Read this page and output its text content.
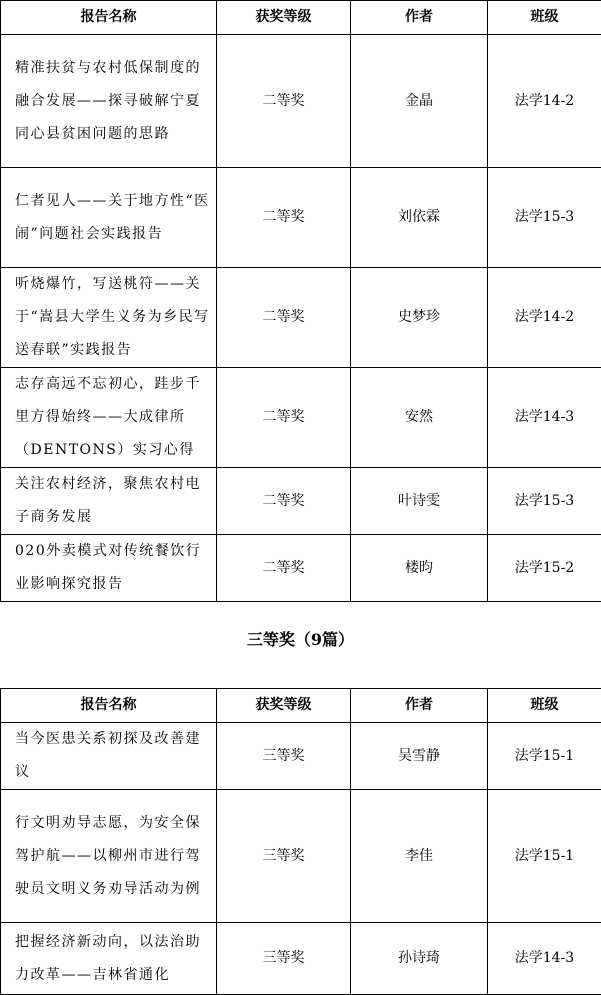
报告名称	获奖等级	作者	班级
精准扶贫与农村低保制度的融合发展——探寻破解宁夏同心县贫困问题的思路	二等奖	金晶	法学14-2
仁者见人——关于地方性“医闹”问题社会实践报告	二等奖	刘依霖	法学15-3
听烧爆竹，写送桃符——关于“嵩县大学生义务为乡民写送春联”实践报告	二等奖	史梦珍	法学14-2
志存高远不忘初心，跬步千里方得始终——大成律所（DENTONS）实习心得	二等奖	安然	法学14-3
关注农村经济，聚焦农村电子商务发展	二等奖	叶诗雯	法学15-3
020外卖模式对传统餐饮行业影响探究报告	二等奖	楼昀	法学15-2
三等奖（9篇）
报告名称	获奖等级	作者	班级
当今医患关系初探及改善建议	三等奖	吴雪静	法学15-1
行文明劝导志愿，为安全保驾护航——以柳州市进行驾驶员文明义务劝导活动为例	三等奖	李佳	法学15-1
把握经济新动向，以法治助力改革——吉林省通化	三等奖	孙诗琦	法学14-3
